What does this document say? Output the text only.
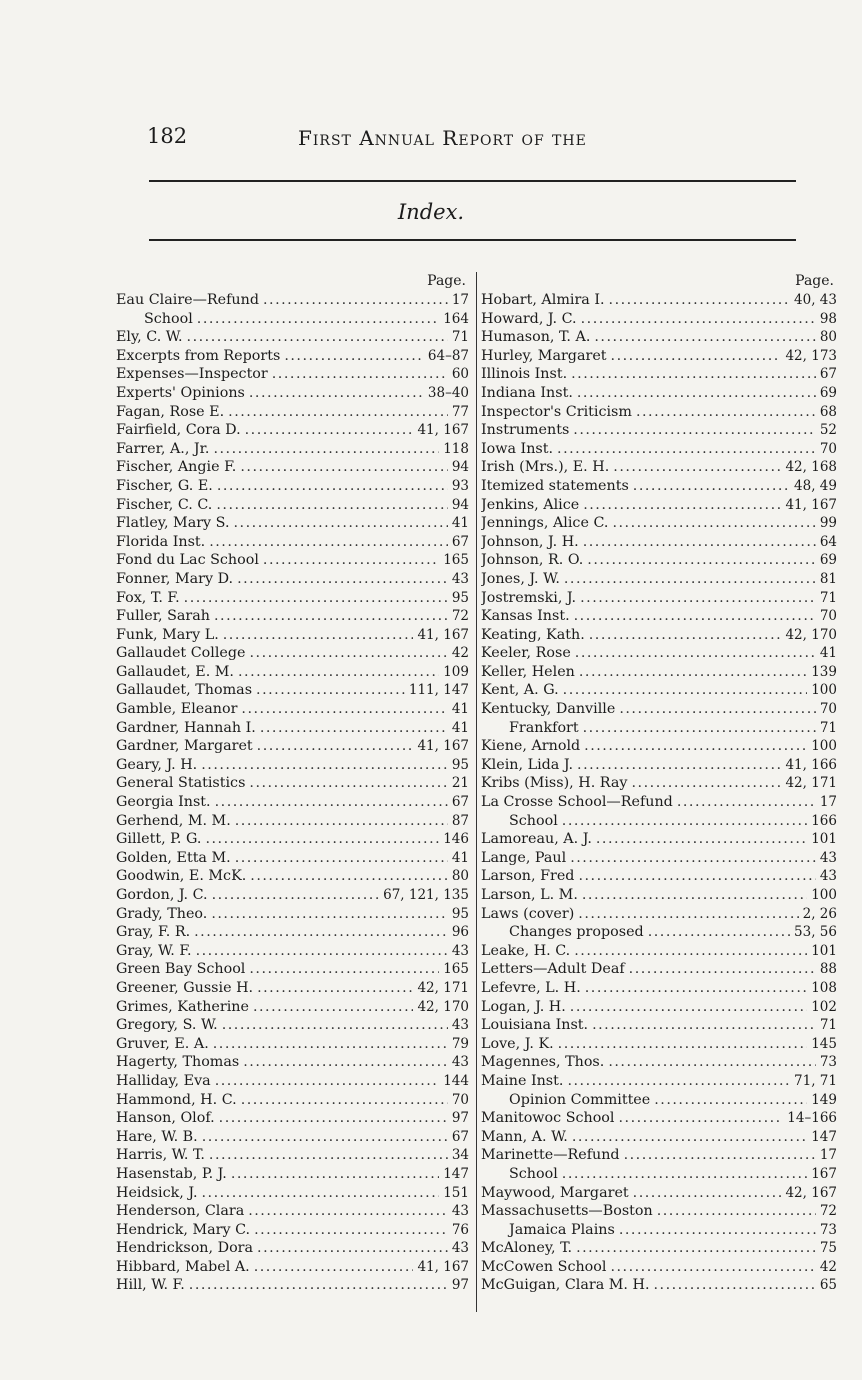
182	First Annual Report of the
Index.
Page.
Eau Claire—Refund .....	17
School .....	164
Ely, C. W. .....	71
Excerpts from Reports .....	64–87
Expenses—Inspector .....	60
Experts' Opinions .....	38–40
Fagan, Rose E. .....	77
Fairfield, Cora D. .....	41, 167
Farrer, A., Jr. .....	118
Fischer, Angie F. .....	94
Fischer, G. E. .....	93
Fischer, C. C. .....	94
Flatley, Mary S. .....	41
Florida Inst. .....	67
Fond du Lac School .....	165
Fonner, Mary D. .....	43
Fox, T. F. .....	95
Fuller, Sarah .....	72
Funk, Mary L. .....	41, 167
Gallaudet College .....	42
Gallaudet, E. M. .....	109
Gallaudet, Thomas .....	111, 147
Gamble, Eleanor .....	41
Gardner, Hannah I. .....	41
Gardner, Margaret .....	41, 167
Geary, J. H. .....	95
General Statistics .....	21
Georgia Inst. .....	67
Gerhend, M. M. .....	87
Gillett, P. G. .....	146
Golden, Etta M. .....	41
Goodwin, E. McK. .....	80
Gordon, J. C. .....	67, 121, 135
Grady, Theo. .....	95
Gray, F. R. .....	96
Gray, W. F. .....	43
Green Bay School .....	165
Greener, Gussie H. .....	42, 171
Grimes, Katherine .....	42, 170
Gregory, S. W. .....	43
Gruver, E. A. .....	79
Hagerty, Thomas .....	43
Halliday, Eva .....	144
Hammond, H. C. .....	70
Hanson, Olof. .....	97
Hare, W. B. .....	67
Harris, W. T. .....	34
Hasenstab, P. J. .....	147
Heidsick, J. .....	151
Henderson, Clara .....	43
Hendrick, Mary C. .....	76
Hendrickson, Dora .....	43
Hibbard, Mabel A. .....	41, 167
Hill, W. F. .....	97
Page.
Hobart, Almira I. .....	40, 43
Howard, J. C. .....	98
Humason, T. A. .....	80
Hurley, Margaret .....	42, 173
Illinois Inst. .....	67
Indiana Inst. .....	69
Inspector's Criticism .....	68
Instruments .....	52
Iowa Inst. .....	70
Irish (Mrs.), E. H. .....	42, 168
Itemized statements .....	48, 49
Jenkins, Alice .....	41, 167
Jennings, Alice C. .....	99
Johnson, J. H. .....	64
Johnson, R. O. .....	69
Jones, J. W. .....	81
Jostremski, J. .....	71
Kansas Inst. .....	70
Keating, Kath. .....	42, 170
Keeler, Rose .....	41
Keller, Helen .....	139
Kent, A. G. .....	100
Kentucky, Danville .....	70
Frankfort .....	71
Kiene, Arnold .....	100
Klein, Lida J. .....	41, 166
Kribs (Miss), H. Ray .....	42, 171
La Crosse School—Refund .....	17
School .....	166
Lamoreau, A. J. .....	101
Lange, Paul .....	43
Larson, Fred .....	43
Larson, L. M. .....	100
Laws (cover) .....	2, 26
Changes proposed .....	53, 56
Leake, H. C. .....	101
Letters—Adult Deaf .....	88
Lefevre, L. H. .....	108
Logan, J. H. .....	102
Louisiana Inst. .....	71
Love, J. K. .....	145
Magennes, Thos. .....	73
Maine Inst. .....	71, 71
Opinion Committee .....	149
Manitowoc School .....	14–166
Mann, A. W. .....	147
Marinette—Refund .....	17
School .....	167
Maywood, Margaret .....	42, 167
Massachusetts—Boston .....	72
Jamaica Plains .....	73
McAloney, T. .....	75
McCowen School .....	42
McGuigan, Clara M. H. .....	65
